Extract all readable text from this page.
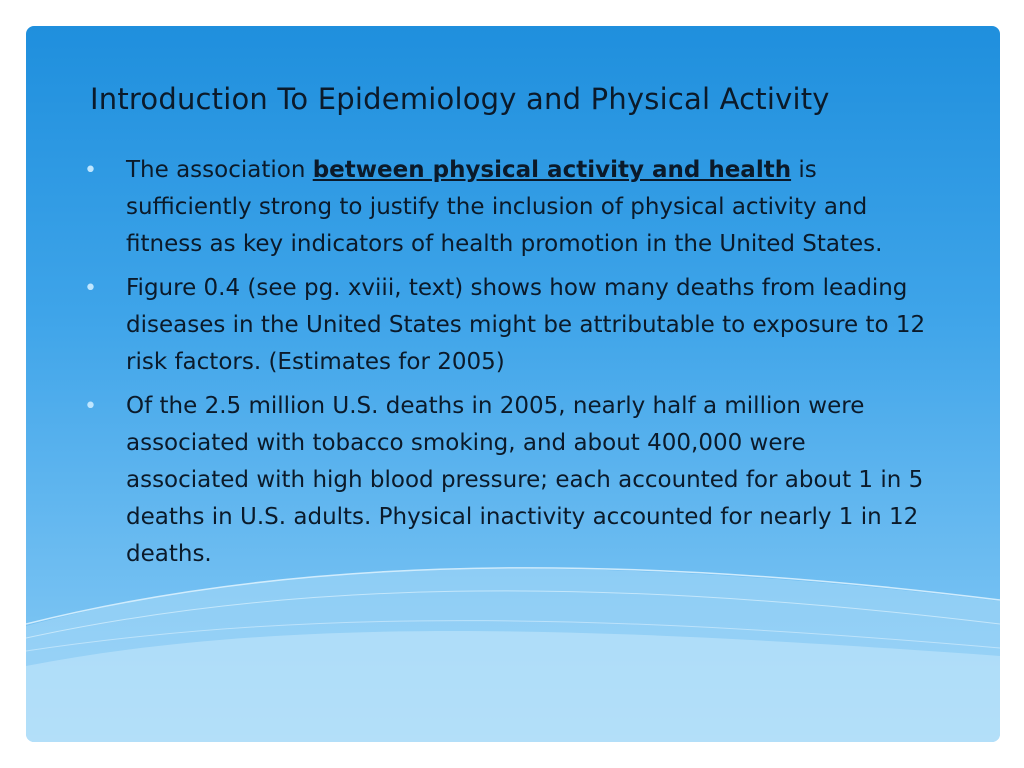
Introduction To Epidemiology and Physical Activity
• The association between physical activity and health is sufficiently strong to justify the inclusion of physical activity and fitness as key indicators of health promotion in the United States.
• Figure 0.4 (see pg. xviii, text) shows how many deaths from leading diseases in the United States might be attributable to exposure to 12 risk factors. (Estimates for 2005)
• Of the 2.5 million U.S. deaths in 2005, nearly half a million were associated with tobacco smoking, and about 400,000 were associated with high blood pressure; each accounted for about 1 in 5 deaths in U.S. adults. Physical inactivity accounted for nearly 1 in 12 deaths.
